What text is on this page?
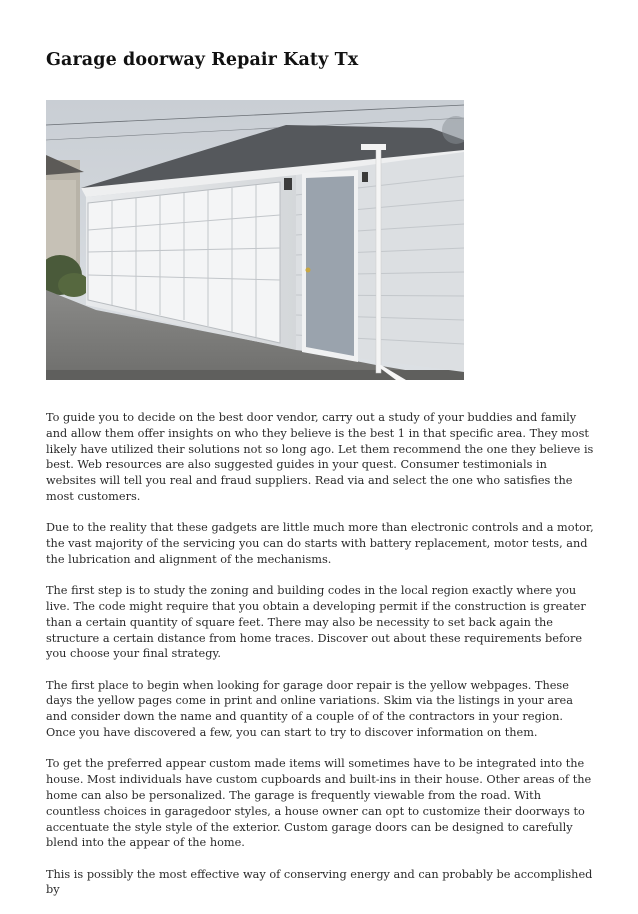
Garage doorway Repair Katy Tx

To guide you to decide on the best door vendor, carry out a study of your buddies and family and allow them offer insights on who they believe is the best 1 in that specific area. They most likely have utilized their solutions not so long ago. Let them recommend the one they believe is best. Web resources are also suggested guides in your quest. Consumer testimonials in websites will tell you real and fraud suppliers. Read via and select the one who satisfies the most customers.

Due to the reality that these gadgets are little much more than electronic controls and a motor, the vast majority of the servicing you can do starts with battery replacement, motor tests, and the lubrication and alignment of the mechanisms.

The first step is to study the zoning and building codes in the local region exactly where you live. The code might require that you obtain a developing permit if the construction is greater than a certain quantity of square feet. There may also be necessity to set back again the structure a certain distance from home traces. Discover out about these requirements before you choose your final strategy.

The first place to begin when looking for garage door repair is the yellow webpages. These days the yellow pages come in print and online variations. Skim via the listings in your area and consider down the name and quantity of a couple of of the contractors in your region. Once you have discovered a few, you can start to try to discover information on them.

To get the preferred appear custom made items will sometimes have to be integrated into the house. Most individuals have custom cupboards and built-ins in their house. Other areas of the home can also be personalized. The garage is frequently viewable from the road. With countless choices in garagedoor styles, a house owner can opt to customize their doorways to accentuate the style style of the exterior. Custom garage doors can be designed to carefully blend into the appear of the home.

This is possibly the most effective way of conserving energy and can probably be accomplished by
